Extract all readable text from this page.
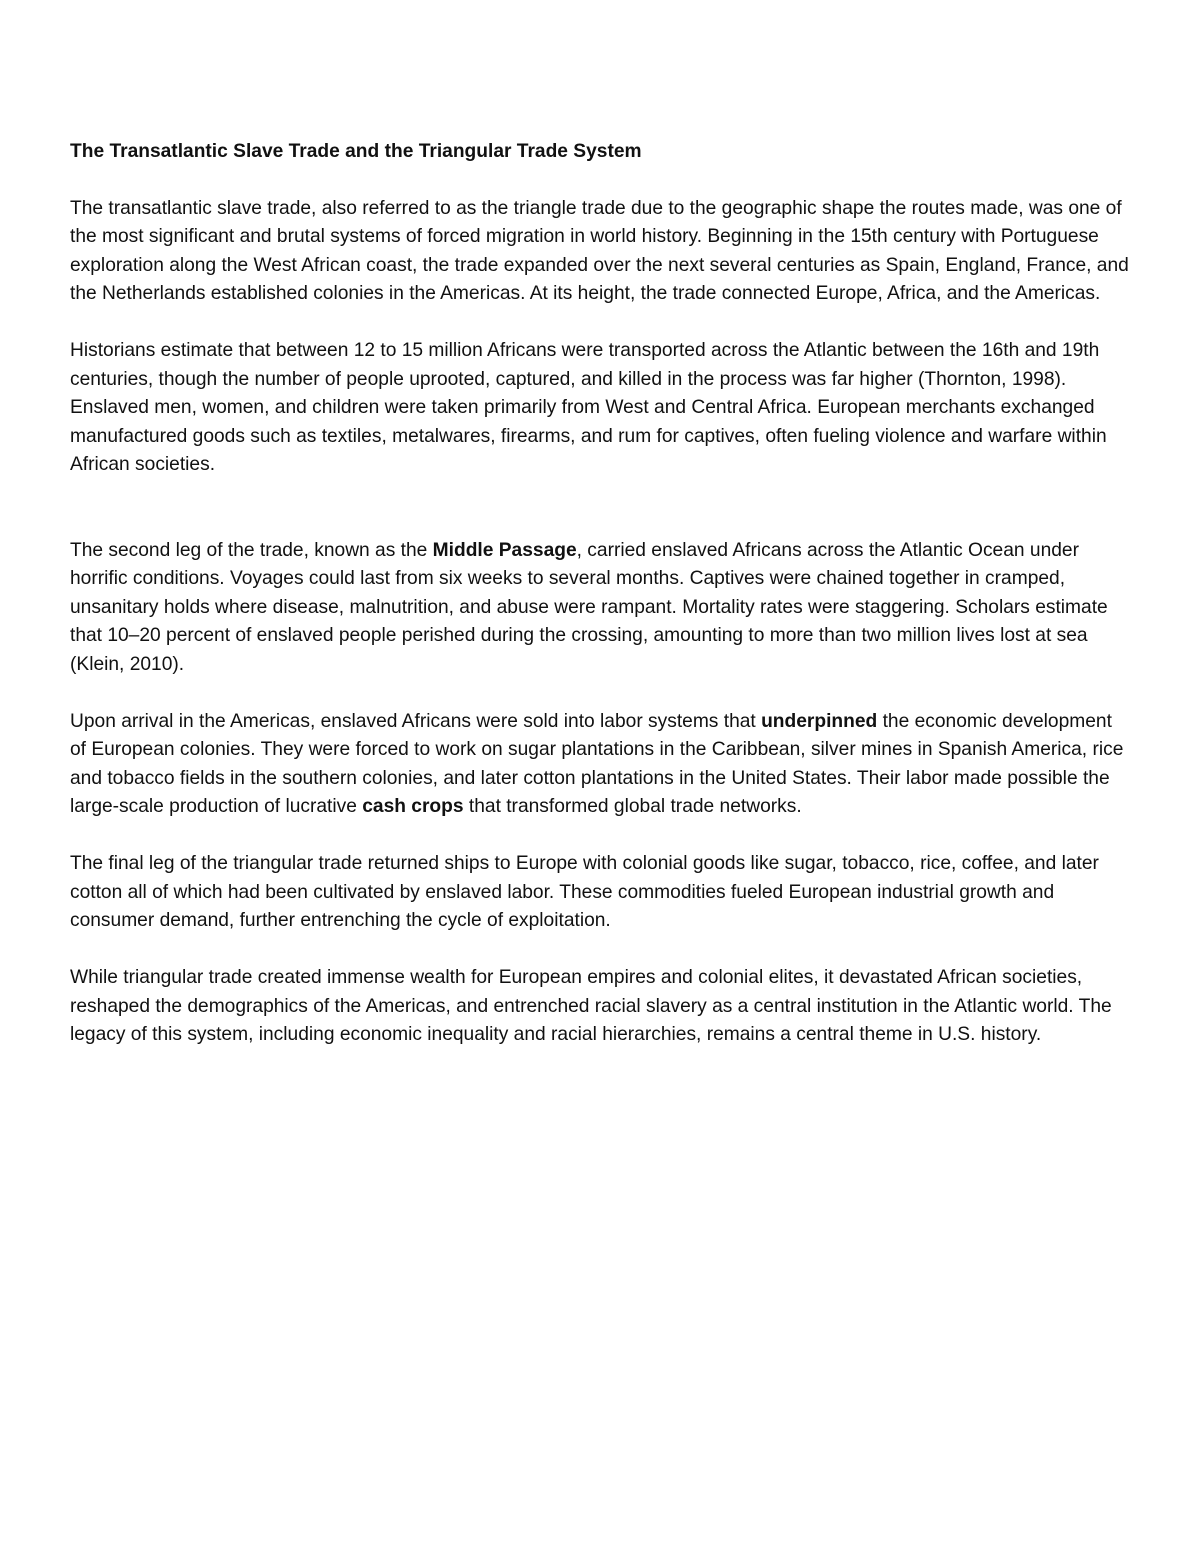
The Transatlantic Slave Trade and the Triangular Trade System

The transatlantic slave trade, also referred to as the triangle trade due to the geographic shape the routes made, was one of the most significant and brutal systems of forced migration in world history. Beginning in the 15th century with Portuguese exploration along the West African coast, the trade expanded over the next several centuries as Spain, England, France, and the Netherlands established colonies in the Americas. At its height, the trade connected Europe, Africa, and the Americas.

Historians estimate that between 12 to 15 million Africans were transported across the Atlantic between the 16th and 19th centuries, though the number of people uprooted, captured, and killed in the process was far higher (Thornton, 1998). Enslaved men, women, and children were taken primarily from West and Central Africa. European merchants exchanged manufactured goods such as textiles, metalwares, firearms, and rum for captives, often fueling violence and warfare within African societies.

The second leg of the trade, known as the Middle Passage, carried enslaved Africans across the Atlantic Ocean under horrific conditions. Voyages could last from six weeks to several months. Captives were chained together in cramped, unsanitary holds where disease, malnutrition, and abuse were rampant. Mortality rates were staggering. Scholars estimate that 10–20 percent of enslaved people perished during the crossing, amounting to more than two million lives lost at sea (Klein, 2010).

Upon arrival in the Americas, enslaved Africans were sold into labor systems that underpinned the economic development of European colonies. They were forced to work on sugar plantations in the Caribbean, silver mines in Spanish America, rice and tobacco fields in the southern colonies, and later cotton plantations in the United States. Their labor made possible the large-scale production of lucrative cash crops that transformed global trade networks.

The final leg of the triangular trade returned ships to Europe with colonial goods like sugar, tobacco, rice, coffee, and later cotton all of which had been cultivated by enslaved labor. These commodities fueled European industrial growth and consumer demand, further entrenching the cycle of exploitation.

While triangular trade created immense wealth for European empires and colonial elites, it devastated African societies, reshaped the demographics of the Americas, and entrenched racial slavery as a central institution in the Atlantic world. The legacy of this system, including economic inequality and racial hierarchies, remains a central theme in U.S. history.
